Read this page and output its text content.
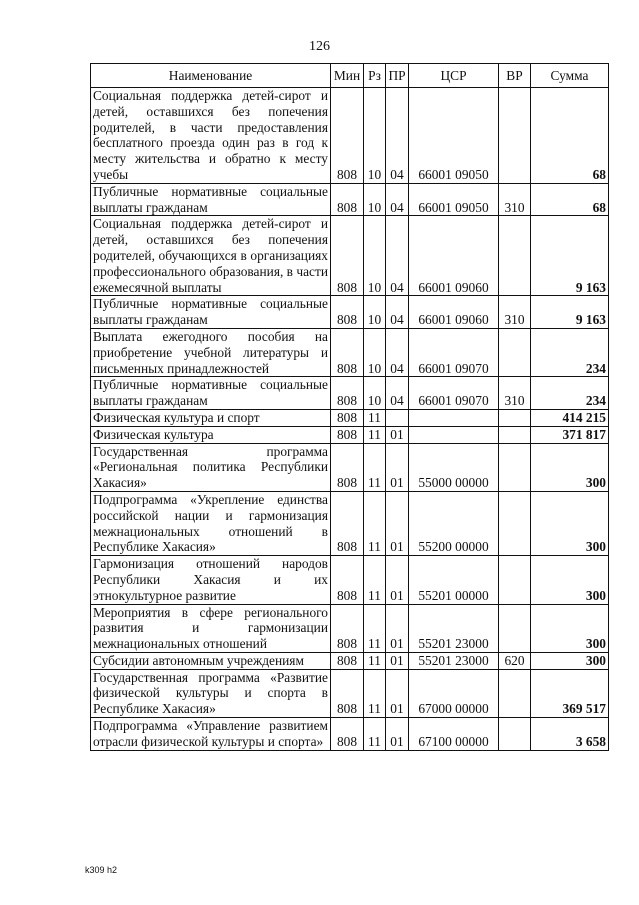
126
Наименование	Мин	Рз	ПР	ЦСР	ВР	Сумма
Социальная поддержка детей-сирот и детей, оставшихся без попечения родителей, в части предоставления бесплатного проезда один раз в год к месту жительства и обратно к месту учебы	808	10	04	66001 09050		68
Публичные нормативные социальные выплаты гражданам	808	10	04	66001 09050	310	68
Социальная поддержка детей-сирот и детей, оставшихся без попечения родителей, обучающихся в организациях профессионального образования, в части ежемесячной выплаты	808	10	04	66001 09060		9 163
Публичные нормативные социальные выплаты гражданам	808	10	04	66001 09060	310	9 163
Выплата ежегодного пособия на приобретение учебной литературы и письменных принадлежностей	808	10	04	66001 09070		234
Публичные нормативные социальные выплаты гражданам	808	10	04	66001 09070	310	234
Физическая культура и спорт	808	11				414 215
Физическая культура	808	11	01			371 817
Государственная программа «Региональная политика Республики Хакасия»	808	11	01	55000 00000		300
Подпрограмма «Укрепление единства российской нации и гармонизация межнациональных отношений в Республике Хакасия»	808	11	01	55200 00000		300
Гармонизация отношений народов Республики Хакасия и их этнокультурное развитие	808	11	01	55201 00000		300
Мероприятия в сфере регионального развития и гармонизации межнациональных отношений	808	11	01	55201 23000		300
Субсидии автономным учреждениям	808	11	01	55201 23000	620	300
Государственная программа «Развитие физической культуры и спорта в Республике Хакасия»	808	11	01	67000 00000		369 517
Подпрограмма «Управление развитием отрасли физической культуры и спорта»	808	11	01	67100 00000		3 658
k309 h2
